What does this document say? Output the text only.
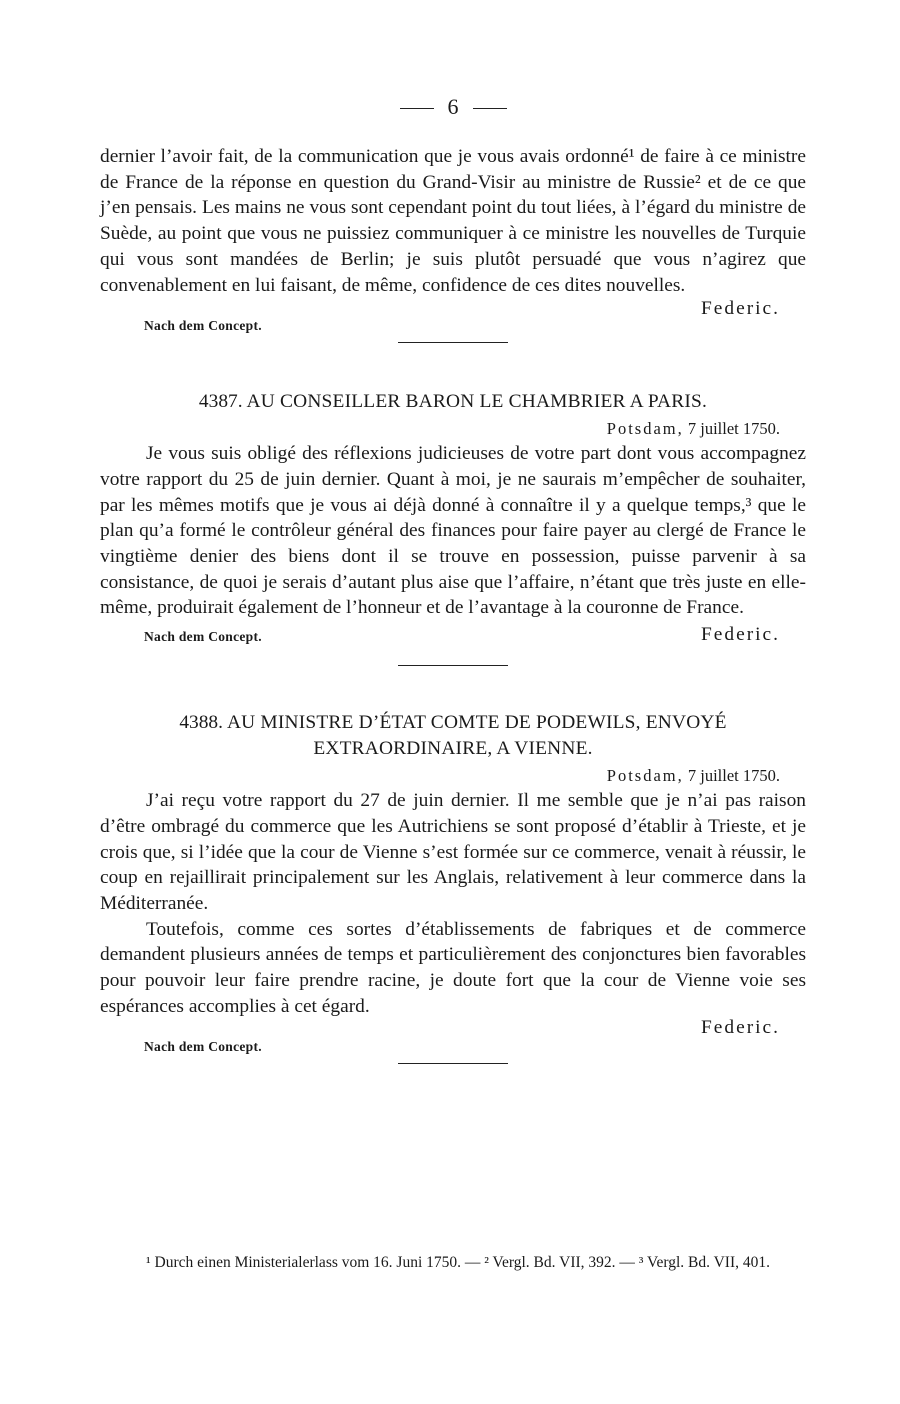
6

dernier l’avoir fait, de la communication que je vous avais ordonné¹ de faire à ce ministre de France de la réponse en question du Grand-Visir au ministre de Russie² et de ce que j’en pensais. Les mains ne vous sont cependant point du tout liées, à l’égard du ministre de Suède, au point que vous ne puissiez communiquer à ce ministre les nouvelles de Turquie qui vous sont mandées de Berlin; je suis plutôt persuadé que vous n’agirez que convenablement en lui faisant, de même, confidence de ces dites nouvelles.

Federic.
Nach dem Concept.

4387. AU CONSEILLER BARON LE CHAMBRIER A PARIS.

Potsdam, 7 juillet 1750.

Je vous suis obligé des réflexions judicieuses de votre part dont vous accompagnez votre rapport du 25 de juin dernier. Quant à moi, je ne saurais m’empêcher de souhaiter, par les mêmes motifs que je vous ai déjà donné à connaître il y a quelque temps,³ que le plan qu’a formé le contrôleur général des finances pour faire payer au clergé de France le vingtième denier des biens dont il se trouve en possession, puisse parvenir à sa consistance, de quoi je serais d’autant plus aise que l’affaire, n’étant que très juste en elle-même, produirait également de l’honneur et de l’avantage à la couronne de France.

Federic.
Nach dem Concept.

4388. AU MINISTRE D’ÉTAT COMTE DE PODEWILS, ENVOYÉ EXTRAORDINAIRE, A VIENNE.

Potsdam, 7 juillet 1750.

J’ai reçu votre rapport du 27 de juin dernier. Il me semble que je n’ai pas raison d’être ombragé du commerce que les Autrichiens se sont proposé d’établir à Trieste, et je crois que, si l’idée que la cour de Vienne s’est formée sur ce commerce, venait à réussir, le coup en rejaillirait principalement sur les Anglais, relativement à leur commerce dans la Méditerranée.

Toutefois, comme ces sortes d’établissements de fabriques et de commerce demandent plusieurs années de temps et particulièrement des conjonctures bien favorables pour pouvoir leur faire prendre racine, je doute fort que la cour de Vienne voie ses espérances accomplies à cet égard.

Federic.
Nach dem Concept.

¹ Durch einen Ministerialerlass vom 16. Juni 1750. — ² Vergl. Bd. VII, 392. — ³ Vergl. Bd. VII, 401.
